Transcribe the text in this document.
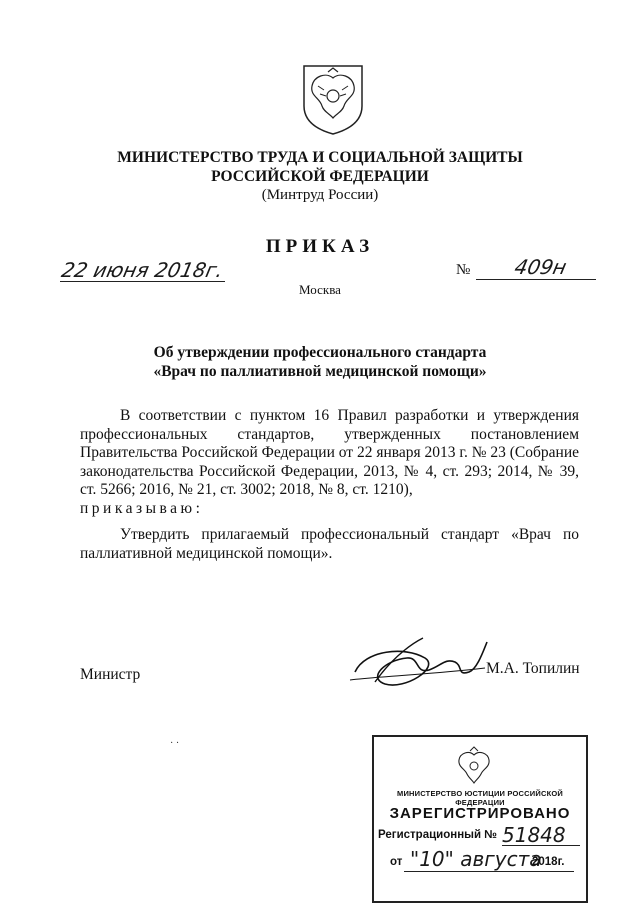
МИНИСТЕРСТВО ТРУДА И СОЦИАЛЬНОЙ ЗАЩИТЫ
РОССИЙСКОЙ ФЕДЕРАЦИИ
(Минтруд России)
ПРИКАЗ
22 июня 2018г.	№ 409н
Москва
Об утверждении профессионального стандарта
«Врач по паллиативной медицинской помощи»
В соответствии с пунктом 16 Правил разработки и утверждения профессиональных стандартов, утвержденных постановлением Правительства Российской Федерации от 22 января 2013 г. № 23 (Собрание законодательства Российской Федерации, 2013, № 4, ст. 293; 2014, № 39, ст. 5266; 2016, № 21, ст. 3002; 2018, № 8, ст. 1210),
приказываю:
Утвердить прилагаемый профессиональный стандарт «Врач по паллиативной медицинской помощи».
Министр	М.А. Топилин
· ·
МИНИСТЕРСТВО ЮСТИЦИИ РОССИЙСКОЙ ФЕДЕРАЦИИ
ЗАРЕГИСТРИРОВАНО
Регистрационный № 51848
от "10" августа
2018г.
